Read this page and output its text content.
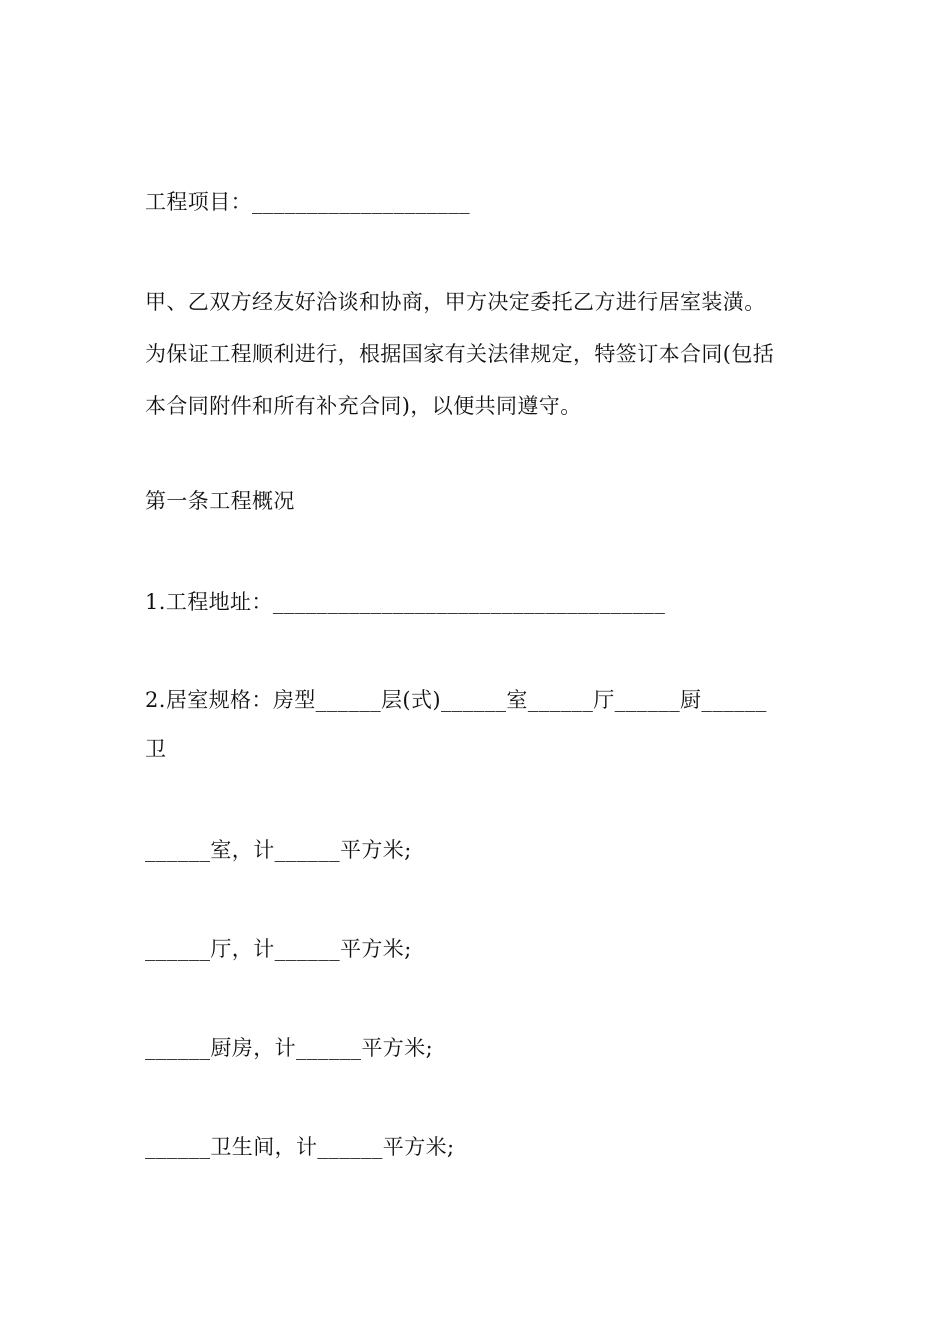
工程项目：____________________
甲、乙双方经友好洽谈和协商，甲方决定委托乙方进行居室装潢。
为保证工程顺利进行，根据国家有关法律规定，特签订本合同(包括
本合同附件和所有补充合同)，以便共同遵守。
第一条工程概况
1.工程地址：____________________________________
2.居室规格：房型______层(式)______室______厅______厨______
卫
______室，计______平方米;
______厅，计______平方米;
______厨房，计______平方米;
______卫生间，计______平方米;
